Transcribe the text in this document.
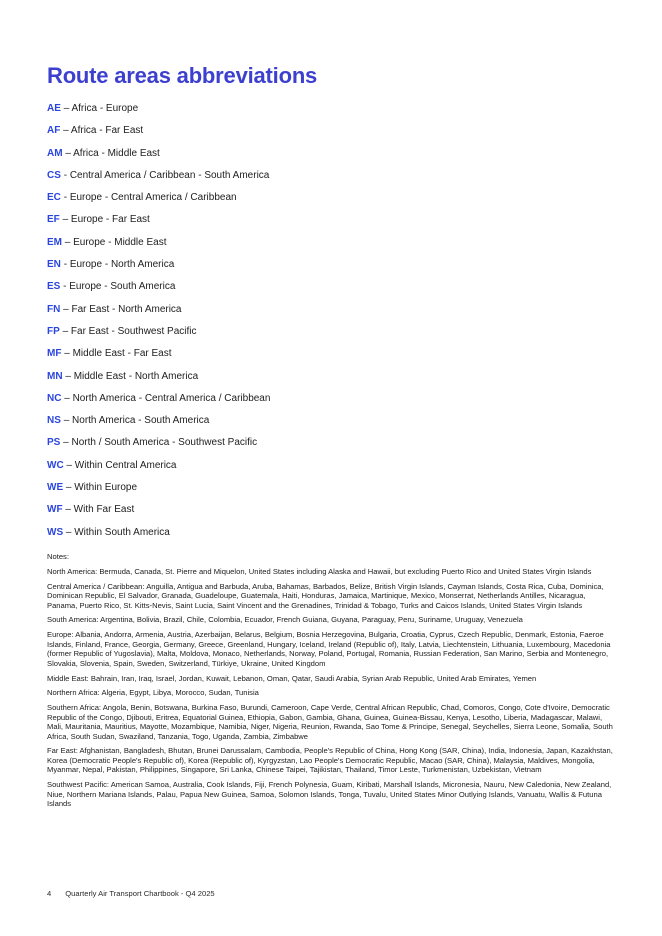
Route areas abbreviations
AE – Africa - Europe
AF – Africa - Far East
AM – Africa - Middle East
CS - Central America / Caribbean - South America
EC - Europe - Central America / Caribbean
EF – Europe - Far East
EM – Europe - Middle East
EN - Europe - North America
ES - Europe - South America
FN – Far East - North America
FP – Far East - Southwest Pacific
MF – Middle East - Far East
MN – Middle East - North America
NC – North America - Central America / Caribbean
NS – North America - South America
PS – North / South America - Southwest Pacific
WC – Within Central America
WE – Within Europe
WF – With Far East
WS – Within South America
Notes:

North America: Bermuda, Canada, St. Pierre and Miquelon, United States including Alaska and Hawaii, but excluding Puerto Rico and United States Virgin Islands

Central America / Caribbean: Anguilla, Antigua and Barbuda, Aruba, Bahamas, Barbados, Belize, British Virgin Islands, Cayman Islands, Costa Rica, Cuba, Dominica, Dominican Republic, El Salvador, Granada, Guadeloupe, Guatemala, Haiti, Honduras, Jamaica, Martinique, Mexico, Monserrat, Netherlands Antilles, Nicaragua, Panama, Puerto Rico, St. Kitts-Nevis, Saint Lucia, Saint Vincent and the Grenadines, Trinidad & Tobago, Turks and Caicos Islands, United States Virgin Islands

South America: Argentina, Bolivia, Brazil, Chile, Colombia, Ecuador, French Guiana, Guyana, Paraguay, Peru, Suriname, Uruguay, Venezuela

Europe: Albania, Andorra, Armenia, Austria, Azerbaijan, Belarus, Belgium, Bosnia Herzegovina, Bulgaria, Croatia, Cyprus, Czech Republic, Denmark, Estonia, Faeroe Islands, Finland, France, Georgia, Germany, Greece, Greenland, Hungary, Iceland, Ireland (Republic of), Italy, Latvia, Liechtenstein, Lithuania, Luxembourg, Macedonia (former Republic of Yugoslavia), Malta, Moldova, Monaco, Netherlands, Norway, Poland, Portugal, Romania, Russian Federation, San Marino, Serbia and Montenegro, Slovakia, Slovenia, Spain, Sweden, Switzerland, Türkiye, Ukraine, United Kingdom

Middle East: Bahrain, Iran, Iraq, Israel, Jordan, Kuwait, Lebanon, Oman, Qatar, Saudi Arabia, Syrian Arab Republic, United Arab Emirates, Yemen

Northern Africa: Algeria, Egypt, Libya, Morocco, Sudan, Tunisia

Southern Africa: Angola, Benin, Botswana, Burkina Faso, Burundi, Cameroon, Cape Verde, Central African Republic, Chad, Comoros, Congo, Cote d'Ivoire, Democratic Republic of the Congo, Djibouti, Eritrea, Equatorial Guinea, Ethiopia, Gabon, Gambia, Ghana, Guinea, Guinea-Bissau, Kenya, Lesotho, Liberia, Madagascar, Malawi, Mali, Mauritania, Mauritius, Mayotte, Mozambique, Namibia, Niger, Nigeria, Reunion, Rwanda, Sao Tome & Principe, Senegal, Seychelles, Sierra Leone, Somalia, South Africa, South Sudan, Swaziland, Tanzania, Togo, Uganda, Zambia, Zimbabwe

Far East: Afghanistan, Bangladesh, Bhutan, Brunei Darussalam, Cambodia, People's Republic of China, Hong Kong (SAR, China), India, Indonesia, Japan, Kazakhstan, Korea (Democratic People's Republic of), Korea (Republic of), Kyrgyzstan, Lao People's Democratic Republic, Macao (SAR, China), Malaysia, Maldives, Mongolia, Myanmar, Nepal, Pakistan, Philippines, Singapore, Sri Lanka, Chinese Taipei, Tajikistan, Thailand, Timor Leste, Turkmenistan, Uzbekistan, Vietnam

Southwest Pacific: American Samoa, Australia, Cook Islands, Fiji, French Polynesia, Guam, Kiribati, Marshall Islands, Micronesia, Nauru, New Caledonia, New Zealand, Niue, Northern Mariana Islands, Palau, Papua New Guinea, Samoa, Solomon Islands, Tonga, Tuvalu, United States Minor Outlying Islands, Vanuatu, Wallis & Futuna Islands

4 Quarterly Air Transport Chartbook - Q4 2025
